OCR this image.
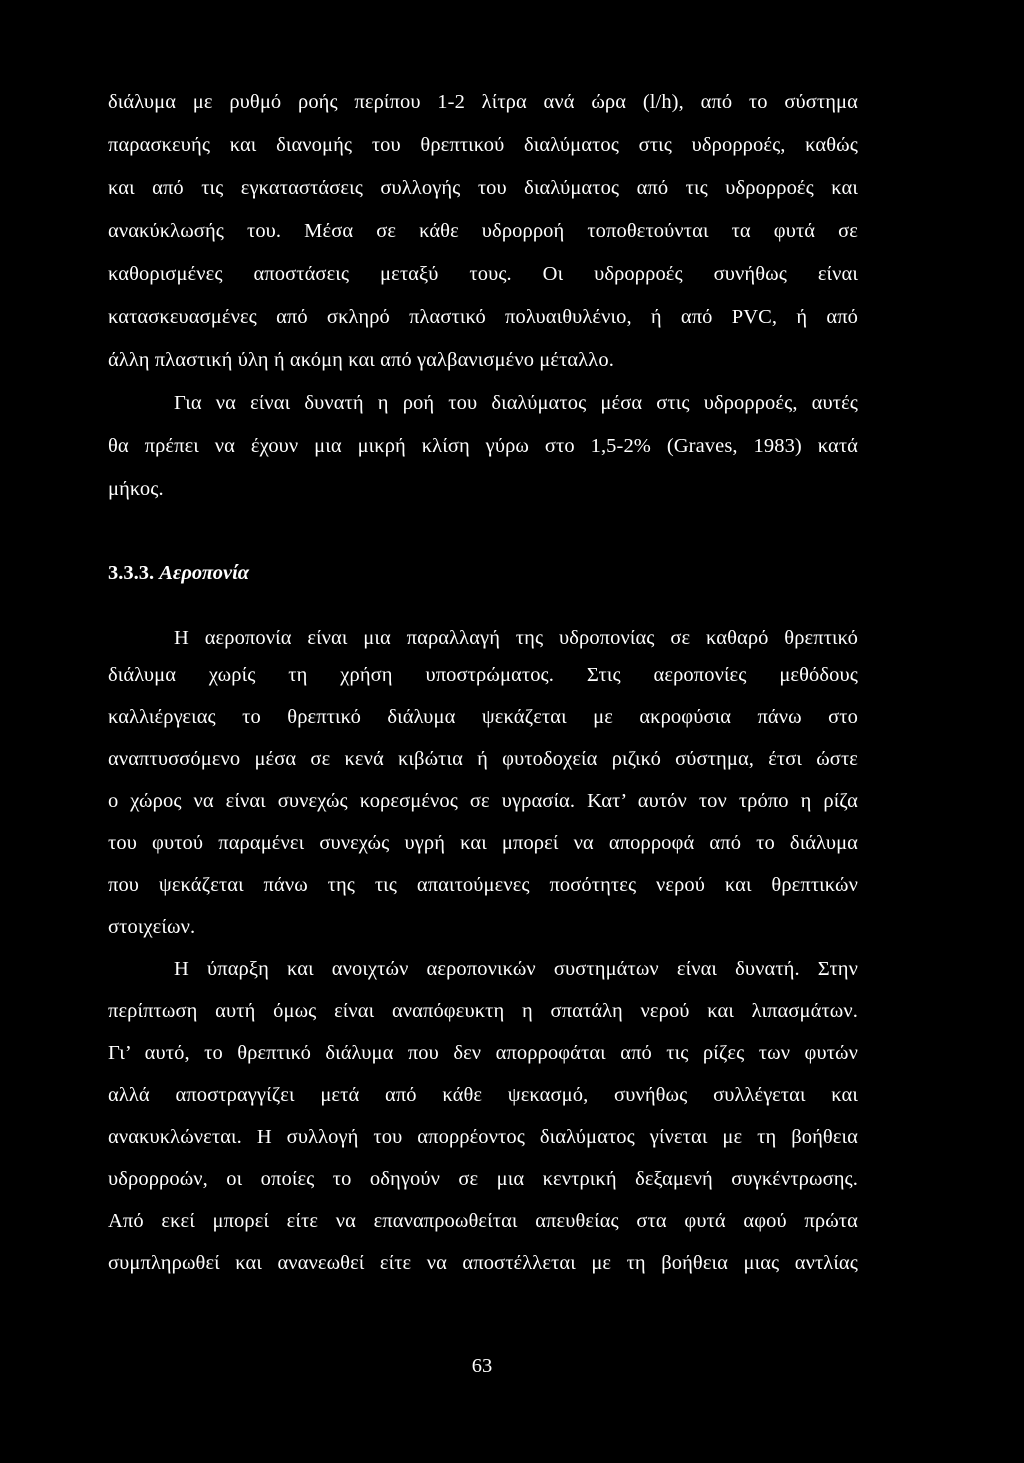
διάλυμα με ρυθμό ροής περίπου 1-2 λίτρα ανά ώρα (l/h), από το σύστημα
παρασκευής και διανομής του θρεπτικού διαλύματος στις υδρορροές, καθώς
και από τις εγκαταστάσεις συλλογής του διαλύματος από τις υδρορροές και
ανακύκλωσής του. Μέσα σε κάθε υδρορροή τοποθετούνται τα φυτά σε
καθορισμένες αποστάσεις μεταξύ τους. Οι υδρορροές συνήθως είναι
κατασκευασμένες από σκληρό πλαστικό πολυαιθυλένιο, ή από PVC, ή από
άλλη πλαστική ύλη ή ακόμη και από γαλβανισμένο μέταλλο.
Για να είναι δυνατή η ροή του διαλύματος μέσα στις υδρορροές, αυτές
θα πρέπει να έχουν μια μικρή κλίση γύρω στο 1,5-2% (Graves, 1983) κατά
μήκος.
3.3.3. Αεροπονία
Η αεροπονία είναι μια παραλλαγή της υδροπονίας σε καθαρό θρεπτικό
διάλυμα χωρίς τη χρήση υποστρώματος. Στις αεροπονίες μεθόδους
καλλιέργειας το θρεπτικό διάλυμα ψεκάζεται με ακροφύσια πάνω στο
αναπτυσσόμενο μέσα σε κενά κιβώτια ή φυτοδοχεία ριζικό σύστημα, έτσι ώστε
ο χώρος να είναι συνεχώς κορεσμένος σε υγρασία. Κατ’ αυτόν τον τρόπο η ρίζα
του φυτού παραμένει συνεχώς υγρή και μπορεί να απορροφά από το διάλυμα
που ψεκάζεται πάνω της τις απαιτούμενες ποσότητες νερού και θρεπτικών
στοιχείων.
Η ύπαρξη και ανοιχτών αεροπονικών συστημάτων είναι δυνατή. Στην
περίπτωση αυτή όμως είναι αναπόφευκτη η σπατάλη νερού και λιπασμάτων.
Γι’ αυτό, το θρεπτικό διάλυμα που δεν απορροφάται από τις ρίζες των φυτών
αλλά αποστραγγίζει μετά από κάθε ψεκασμό, συνήθως συλλέγεται και
ανακυκλώνεται. Η συλλογή του απορρέοντος διαλύματος γίνεται με τη βοήθεια
υδρορροών, οι οποίες το οδηγούν σε μια κεντρική δεξαμενή συγκέντρωσης.
Από εκεί μπορεί είτε να επαναπροωθείται απευθείας στα φυτά αφού πρώτα
συμπληρωθεί και ανανεωθεί είτε να αποστέλλεται με τη βοήθεια μιας αντλίας
63
